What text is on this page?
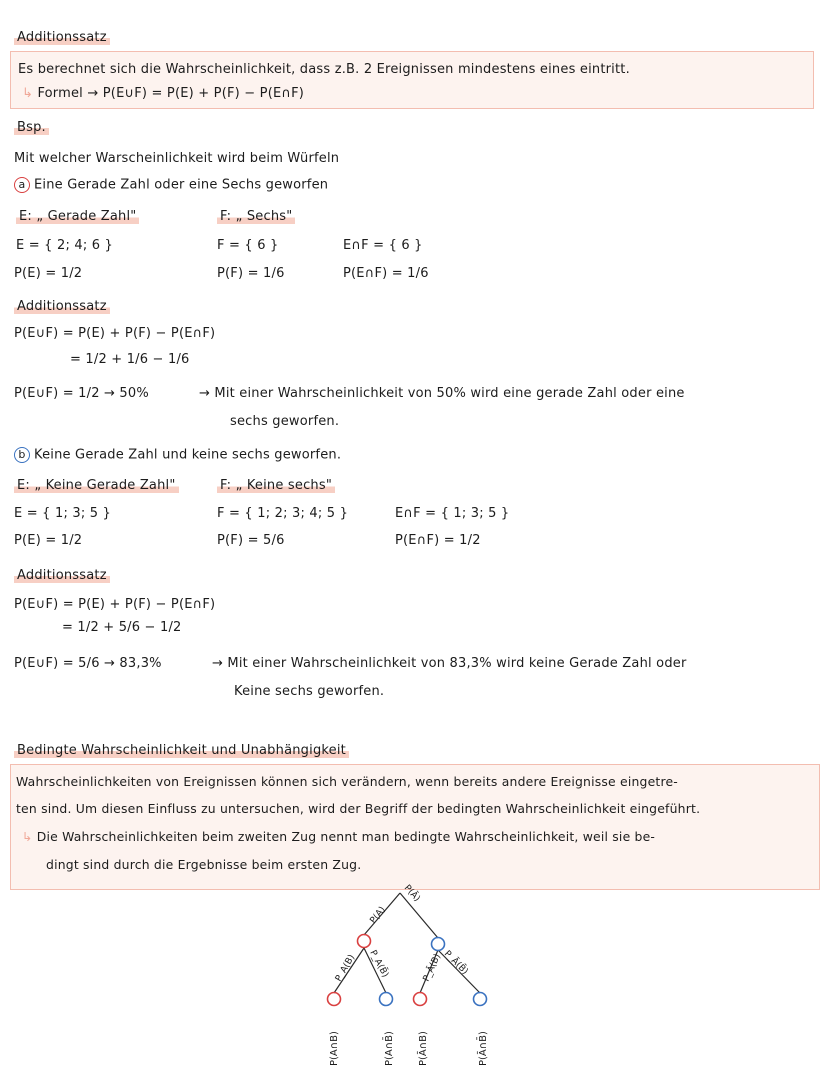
Additionssatz
Es berechnet sich die Wahrscheinlichkeit, dass z.B. 2 Ereignissen mindestens eines eintritt.
↳ Formel → P(E∪F) = P(E) + P(F) − P(E∩F)
Bsp.
Mit welcher Warscheinlichkeit wird beim Würfeln
a Eine Gerade Zahl oder eine Sechs geworfen
E: „ Gerade Zahl"	F: „ Sechs"
E = { 2; 4; 6 }	F = { 6 }	E∩F = { 6 }
P(E) = 1/2	P(F) = 1/6	P(E∩F) = 1/6
Additionssatz
P(E∪F) = P(E) + P(F) − P(E∩F)
= 1/2 + 1/6 − 1/6
P(E∪F) = 1/2 → 50%	→ Mit einer Wahrscheinlichkeit von 50% wird eine gerade Zahl oder eine
sechs geworfen.
b Keine Gerade Zahl und keine sechs geworfen.
E: „ Keine Gerade Zahl"	F: „ Keine sechs"
E = { 1; 3; 5 }	F = { 1; 2; 3; 4; 5 }	E∩F = { 1; 3; 5 }
P(E) = 1/2	P(F) = 5/6	P(E∩F) = 1/2
Additionssatz
P(E∪F) = P(E) + P(F) − P(E∩F)
= 1/2 + 5/6 − 1/2
P(E∪F) = 5/6 → 83,3%	→ Mit einer Wahrscheinlichkeit von 83,3% wird keine Gerade Zahl oder
Keine sechs geworfen.
Bedingte Wahrscheinlichkeit und Unabhängigkeit
Wahrscheinlichkeiten von Ereignissen können sich verändern, wenn bereits andere Ereignisse eingetre-
ten sind. Um diesen Einfluss zu untersuchen, wird der Begriff der bedingten Wahrscheinlichkeit eingeführt.
↳ Die Wahrscheinlichkeiten beim zweiten Zug nennt man bedingte Wahrscheinlichkeit, weil sie be-
dingt sind durch die Ergebnisse beim ersten Zug.
P(A)
P(Ā)
P_A(B) P_A(B̄)	P_Ā(B)
P_Ā(B̄)
P(A∩B)	P(A∩B̄) P(Ā∩B)	P(Ā∩B̄)
